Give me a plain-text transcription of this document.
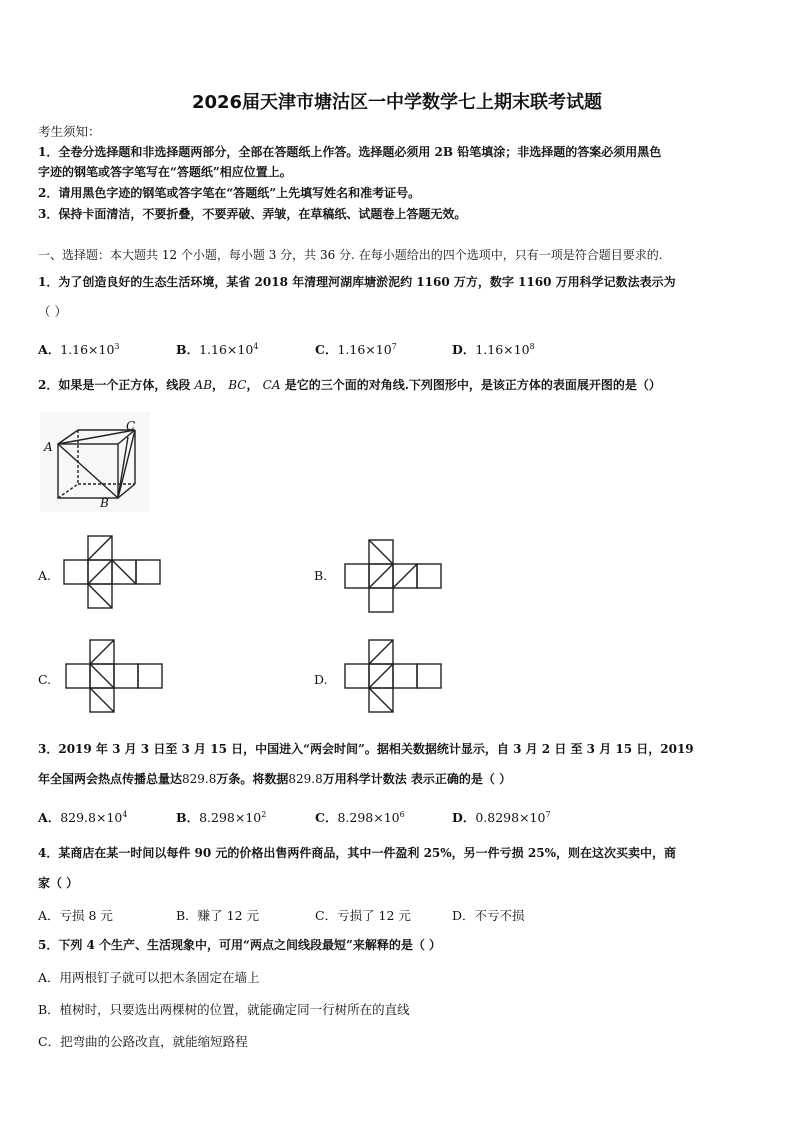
2026届天津市塘沽区一中学数学七上期末联考试题
考生须知：
1．全卷分选择题和非选择题两部分，全部在答题纸上作答。选择题必须用 2B 铅笔填涂；非选择题的答案必须用黑色
字迹的钢笔或答字笔写在“答题纸”相应位置上。
2．请用黑色字迹的钢笔或答字笔在“答题纸”上先填写姓名和准考证号。
3．保持卡面清洁，不要折叠，不要弄破、弄皱，在草稿纸、试题卷上答题无效。
一、选择题：本大题共 12 个小题，每小题 3 分，共 36 分. 在每小题给出的四个选项中，只有一项是符合题目要求的.
1．为了创造良好的生态生活环境，某省 2018 年清理河湖库塘淤泥约 1160 万方，数字 1160 万用科学记数法表示为
（ ）
A．$1.16\times 10^3$	B．$1.16\times 10^4$	C．$1.16\times 10^7$	D．$1.16\times 10^8$
2．如果是一个正方体，线段 AB， BC， CA 是它的三个面的对角线.下列图形中，是该正方体的表面展开图的是（）
A
C
B
A.	B.
C.	D.
3．2019 年 3 月 3 日至 3 月 15 日，中国进入“两会时间”。据相关数据统计显示，自 3 月 2 日 至 3 月 15 日，2019
年全国两会热点传播总量达829.8万条。将数据829.8万用科学计数法 表示正确的是（ ）
A．$829.8\times 10^4$	B．$8.298\times 10^2$	C．$8.298\times 10^6$	D．$0.8298\times 10^7$
4．某商店在某一时间以每件 90 元的价格出售两件商品，其中一件盈利 25%，另一件亏损 25%，则在这次买卖中，商
家（ ）
A．亏损 8 元	B．赚了 12 元	C．亏损了 12 元	D．不亏不损
5．下列 4 个生产、生活现象中，可用“两点之间线段最短”来解释的是（ ）
A．用两根钉子就可以把木条固定在墙上
B．植树时，只要选出两棵树的位置，就能确定同一行树所在的直线
C．把弯曲的公路改直，就能缩短路程
